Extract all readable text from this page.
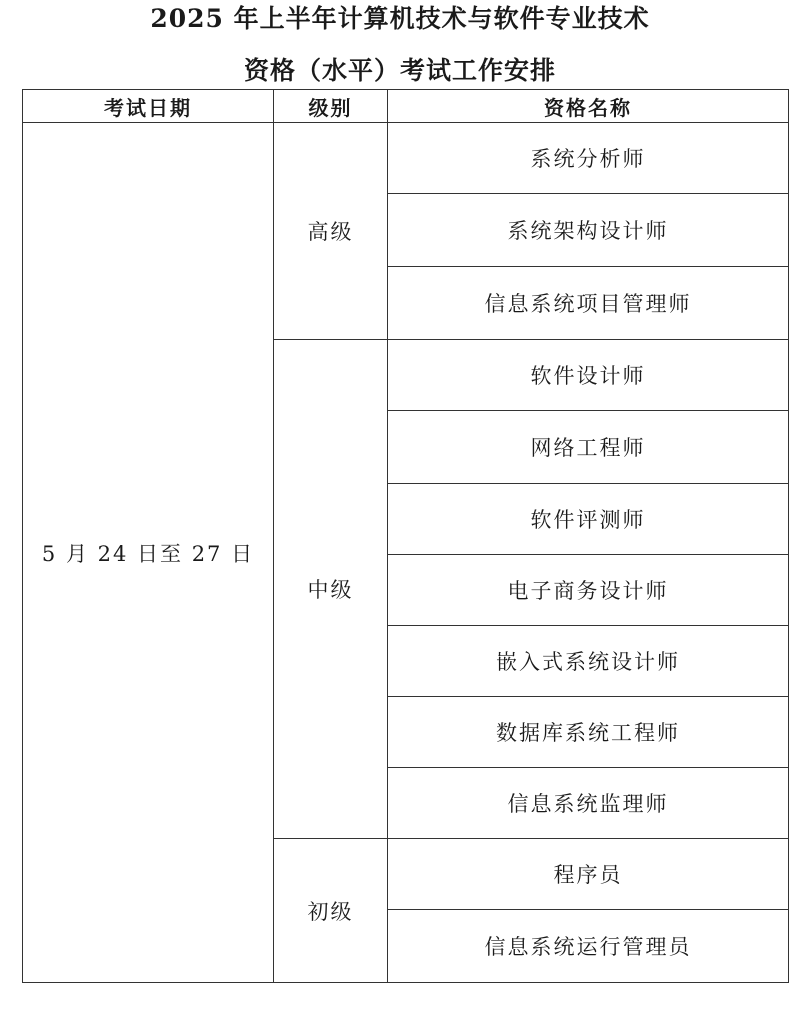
2025 年上半年计算机技术与软件专业技术
资格（水平）考试工作安排
考试日期	级别	资格名称
5 月 24 日至 27 日	高级	系统分析师
		系统架构设计师
		信息系统项目管理师
	中级	软件设计师
		网络工程师
		软件评测师
		电子商务设计师
		嵌入式系统设计师
		数据库系统工程师
		信息系统监理师
	初级	程序员
		信息系统运行管理员
